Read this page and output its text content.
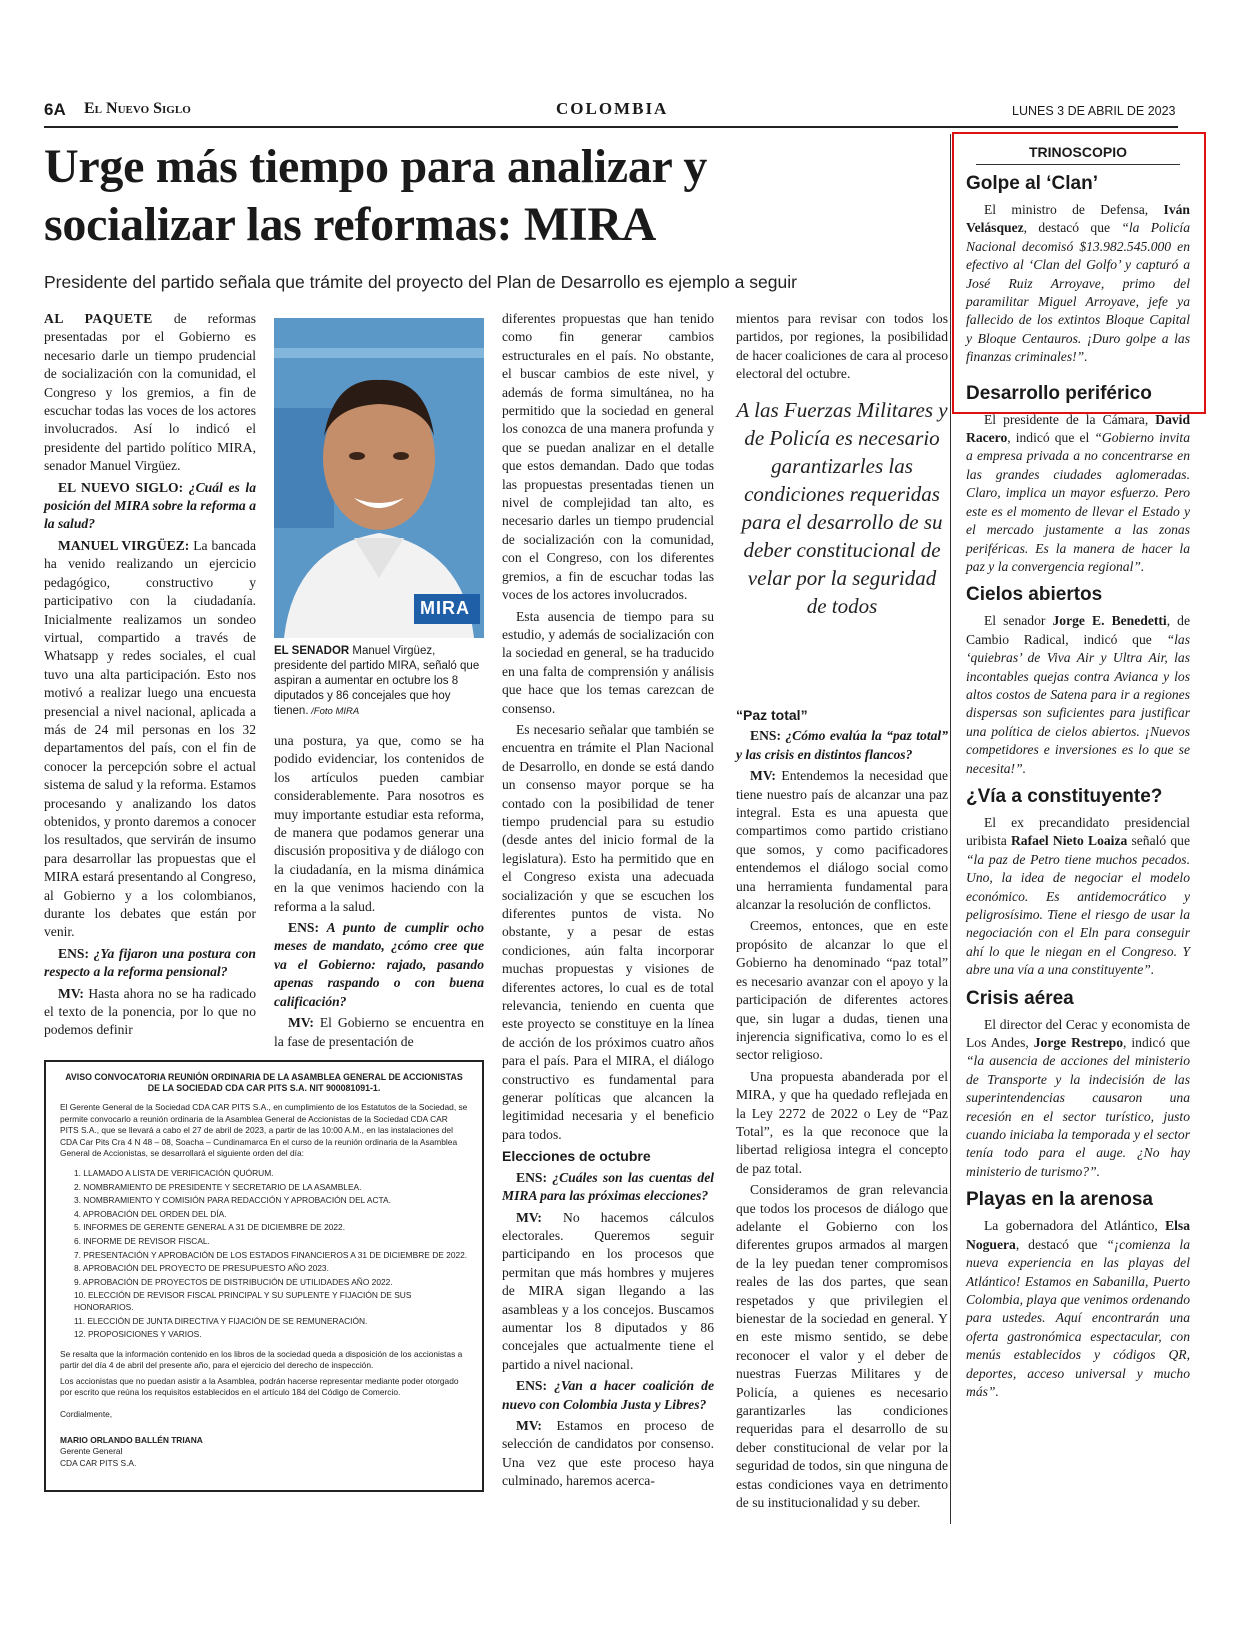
6A El Nuevo Siglo	COLOMBIA	LUNES 3 DE ABRIL DE 2023
Urge más tiempo para analizar y socializar las reformas: MIRA
Presidente del partido señala que trámite del proyecto del Plan de Desarrollo es ejemplo a seguir

AL PAQUETE de reformas presentadas por el Gobierno es necesario darle un tiempo prudencial de socialización con la comunidad, el Congreso y los gremios, a fin de escuchar todas las voces de los actores involucrados. Así lo indicó el presidente del partido político MIRA, senador Manuel Virgüez.

EL NUEVO SIGLO: ¿Cuál es la posición del MIRA sobre la reforma a la salud?

MANUEL VIRGÜEZ: La bancada ha venido realizando un ejercicio pedagógico, constructivo y participativo con la ciudadanía. Inicialmente realizamos un sondeo virtual, compartido a través de Whatsapp y redes sociales, el cual tuvo una alta participación. Esto nos motivó a realizar luego una encuesta presencial a nivel nacional, aplicada a más de 24 mil personas en los 32 departamentos del país, con el fin de conocer la percepción sobre el actual sistema de salud y la reforma. Estamos procesando y analizando los datos obtenidos, y pronto daremos a conocer los resultados, que servirán de insumo para desarrollar las propuestas que el MIRA estará presentando al Congreso, al Gobierno y a los colombianos, durante los debates que están por venir.

ENS: ¿Ya fijaron una postura con respecto a la reforma pensional?

MV: Hasta ahora no se ha radicado el texto de la ponencia, por lo que no podemos definir

MIRA
EL SENADOR Manuel Virgüez, presidente del partido MIRA, señaló que aspiran a aumentar en octubre los 8 diputados y 86 concejales que hoy tienen. /Foto MIRA

una postura, ya que, como se ha podido evidenciar, los contenidos de los artículos pueden cambiar considerablemente. Para nosotros es muy importante estudiar esta reforma, de manera que podamos generar una discusión propositiva y de diálogo con la ciudadanía, en la misma dinámica en la que venimos haciendo con la reforma a la salud.

ENS: A punto de cumplir ocho meses de mandato, ¿cómo cree que va el Gobierno: rajado, pasando apenas raspando o con buena calificación?

MV: El Gobierno se encuentra en la fase de presentación de

diferentes propuestas que han tenido como fin generar cambios estructurales en el país. No obstante, el buscar cambios de este nivel, y además de forma simultánea, no ha permitido que la sociedad en general los conozca de una manera profunda y que se puedan analizar en el detalle que estos demandan. Dado que todas las propuestas presentadas tienen un nivel de complejidad tan alto, es necesario darles un tiempo prudencial de socialización con la comunidad, con el Congreso, con los diferentes gremios, a fin de escuchar todas las voces de los actores involucrados.

Esta ausencia de tiempo para su estudio, y además de socialización con la sociedad en general, se ha traducido en una falta de comprensión y análisis que hace que los temas carezcan de consenso.

Es necesario señalar que también se encuentra en trámite el Plan Nacional de Desarrollo, en donde se está dando un consenso mayor porque se ha contado con la posibilidad de tener tiempo prudencial para su estudio (desde antes del inicio formal de la legislatura). Esto ha permitido que en el Congreso exista una adecuada socialización y que se escuchen los diferentes puntos de vista. No obstante, y a pesar de estas condiciones, aún falta incorporar muchas propuestas y visiones de diferentes actores, lo cual es de total relevancia, teniendo en cuenta que este proyecto se constituye en la línea de acción de los próximos cuatro años para el país. Para el MIRA, el diálogo constructivo es fundamental para generar políticas que alcancen la legitimidad necesaria y el beneficio para todos.

Elecciones de octubre

ENS: ¿Cuáles son las cuentas del MIRA para las próximas elecciones?

MV: No hacemos cálculos electorales. Queremos seguir participando en los procesos que permitan que más hombres y mujeres de MIRA sigan llegando a las asambleas y a los concejos. Buscamos aumentar los 8 diputados y 86 concejales que actualmente tiene el partido a nivel nacional.

ENS: ¿Van a hacer coalición de nuevo con Colombia Justa y Libres?

MV: Estamos en proceso de selección de candidatos por consenso. Una vez que este proceso haya culminado, haremos acerca-

mientos para revisar con todos los partidos, por regiones, la posibilidad de hacer coaliciones de cara al proceso electoral del octubre.

A las Fuerzas Militares y de Policía es necesario garantizarles las condiciones requeridas para el desarrollo de su deber constitucional de velar por la seguridad de todos

“Paz total”

ENS: ¿Cómo evalúa la “paz total” y las crisis en distintos flancos?

MV: Entendemos la necesidad que tiene nuestro país de alcanzar una paz integral. Esta es una apuesta que compartimos como partido cristiano que somos, y como pacificadores entendemos el diálogo social como una herramienta fundamental para alcanzar la resolución de conflictos.

Creemos, entonces, que en este propósito de alcanzar lo que el Gobierno ha denominado “paz total” es necesario avanzar con el apoyo y la participación de diferentes actores que, sin lugar a dudas, tienen una injerencia significativa, como lo es el sector religioso.

Una propuesta abanderada por el MIRA, y que ha quedado reflejada en la Ley 2272 de 2022 o Ley de “Paz Total”, es la que reconoce que la libertad religiosa integra el concepto de paz total.

Consideramos de gran relevancia que todos los procesos de diálogo que adelante el Gobierno con los diferentes grupos armados al margen de la ley puedan tener compromisos reales de las dos partes, que sean respetados y que privilegien el bienestar de la sociedad en general. Y en este mismo sentido, se debe reconocer el valor y el deber de nuestras Fuerzas Militares y de Policía, a quienes es necesario garantizarles las condiciones requeridas para el desarrollo de su deber constitucional de velar por la seguridad de todos, sin que ninguna de estas condiciones vaya en detrimento de su institucionalidad y su deber.

AVISO CONVOCATORIA REUNIÓN ORDINARIA DE LA ASAMBLEA GENERAL DE ACCIONISTAS DE LA SOCIEDAD CDA CAR PITS S.A. NIT 900081091-1.

El Gerente General de la Sociedad CDA CAR PITS S.A., en cumplimiento de los Estatutos de la Sociedad, se permite convocarlo a reunión ordinaria de la Asamblea General de Accionistas de la Sociedad CDA CAR PITS S.A., que se llevará a cabo el 27 de abril de 2023, a partir de las 10:00 A.M., en las instalaciones del CDA Car Pits Cra 4 N 48 – 08, Soacha – Cundinamarca En el curso de la reunión ordinaria de la Asamblea General de Accionistas, se desarrollará el siguiente orden del día:

1. LLAMADO A LISTA DE VERIFICACIÓN QUÓRUM.
2. NOMBRAMIENTO DE PRESIDENTE Y SECRETARIO DE LA ASAMBLEA.
3. NOMBRAMIENTO Y COMISIÓN PARA REDACCIÓN Y APROBACIÓN DEL ACTA.
4. APROBACIÓN DEL ORDEN DEL DÍA.
5. INFORMES DE GERENTE GENERAL A 31 DE DICIEMBRE DE 2022.
6. INFORME DE REVISOR FISCAL.
7. PRESENTACIÓN Y APROBACIÓN DE LOS ESTADOS FINANCIEROS A 31 DE DICIEMBRE DE 2022.
8. APROBACIÓN DEL PROYECTO DE PRESUPUESTO AÑO 2023.
9. APROBACIÓN DE PROYECTOS DE DISTRIBUCIÓN DE UTILIDADES AÑO 2022.
10. ELECCIÓN DE REVISOR FISCAL PRINCIPAL Y SU SUPLENTE Y FIJACIÓN DE SUS HONORARIOS.
11. ELECCIÓN DE JUNTA DIRECTIVA Y FIJACIÓN DE SE REMUNERACIÓN.
12. PROPOSICIONES Y VARIOS.

Se resalta que la información contenido en los libros de la sociedad queda a disposición de los accionistas a partir del día 4 de abril del presente año, para el ejercicio del derecho de inspección.

Los accionistas que no puedan asistir a la Asamblea, podrán hacerse representar mediante poder otorgado por escrito que reúna los requisitos establecidos en el artículo 184 del Código de Comercio.

Cordialmente,

MARIO ORLANDO BALLÉN TRIANA

Gerente General

CDA CAR PITS S.A.

TRINOSCOPIO
Golpe al ‘Clan’

El ministro de Defensa, Iván Velásquez, destacó que “la Policía Nacional decomisó $13.982.545.000 en efectivo al ‘Clan del Golfo’ y capturó a José Ruiz Arroyave, primo del paramilitar Miguel Arroyave, jefe ya fallecido de los extintos Bloque Capital y Bloque Centauros. ¡Duro golpe a las finanzas criminales!”.

Desarrollo periférico

El presidente de la Cámara, David Racero, indicó que el “Gobierno invita a empresa privada a no concentrarse en las grandes ciudades aglomeradas. Claro, implica un mayor esfuerzo. Pero este es el momento de llevar el Estado y el mercado justamente a las zonas periféricas. Es la manera de hacer la paz y la convergencia regional”.

Cielos abiertos

El senador Jorge E. Benedetti, de Cambio Radical, indicó que “las ‘quiebras’ de Viva Air y Ultra Air, las incontables quejas contra Avianca y los altos costos de Satena para ir a regiones dispersas son suficientes para justificar una política de cielos abiertos. ¡Nuevos competidores e inversiones es lo que se necesita!”.

¿Vía a constituyente?

El ex precandidato presidencial uribista Rafael Nieto Loaiza señaló que “la paz de Petro tiene muchos pecados. Uno, la idea de negociar el modelo económico. Es antidemocrático y peligrosísimo. Tiene el riesgo de usar la negociación con el Eln para conseguir ahí lo que le niegan en el Congreso. Y abre una vía a una constituyente”.

Crisis aérea

El director del Cerac y economista de Los Andes, Jorge Restrepo, indicó que “la ausencia de acciones del ministerio de Transporte y la indecisión de las superintendencias causaron una recesión en el sector turístico, justo cuando iniciaba la temporada y el sector tenía todo para el auge. ¿No hay ministerio de turismo?”.

Playas en la arenosa

La gobernadora del Atlántico, Elsa Noguera, destacó que “¡comienza la nueva experiencia en las playas del Atlántico! Estamos en Sabanilla, Puerto Colombia, playa que venimos ordenando para ustedes. Aquí encontrarán una oferta gastronómica espectacular, con menús establecidos y códigos QR, deportes, acceso universal y mucho más”.
